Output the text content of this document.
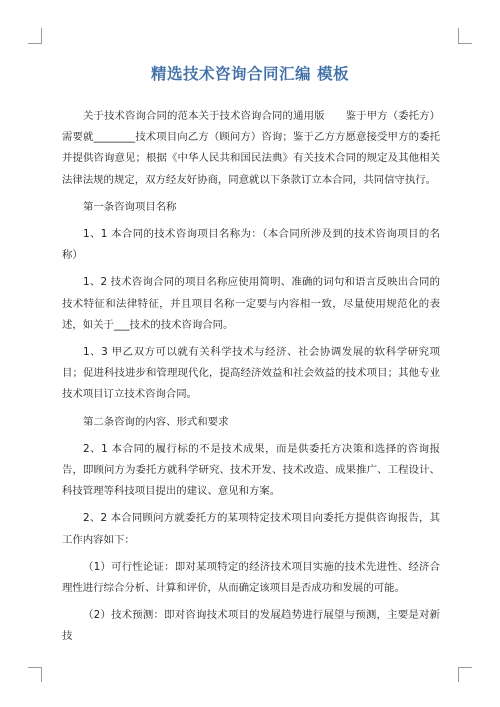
精选技术咨询合同汇编 模板

关于技术咨询合同的范本关于技术咨询合同的通用版　　鉴于甲方（委托方）需要就________技术项目向乙方（顾问方）咨询；鉴于乙方方愿意接受甲方的委托并提供咨询意见；根据《中华人民共和国民法典》有关技术合同的规定及其他相关法律法规的规定，双方经友好协商，同意就以下条款订立本合同，共同信守执行。

第一条咨询项目名称

1、1 本合同的技术咨询项目名称为：（本合同所涉及到的技术咨询项目的名称）

1、2 技术咨询合同的项目名称应使用简明、准确的词句和语言反映出合同的技术特征和法律特征，并且项目名称一定要与内容相一致，尽量使用规范化的表述，如关于___技术的技术咨询合同。

1、3 甲乙双方可以就有关科学技术与经济、社会协调发展的软科学研究项目；促进科技进步和管理现代化，提高经济效益和社会效益的技术项目；其他专业技术项目订立技术咨询合同。

第二条咨询的内容、形式和要求

2、1 本合同的履行标的不是技术成果，而是供委托方决策和选择的咨询报告，即顾问方为委托方就科学研究、技术开发、技术改造、成果推广、工程设计、科技管理等科技项目提出的建议、意见和方案。

2、2 本合同顾问方就委托方的某项特定技术项目向委托方提供咨询报告，其工作内容如下：

（1）可行性论证：即对某项特定的经济技术项目实施的技术先进性、经济合理性进行综合分析、计算和评价，从而确定该项目是否成功和发展的可能。

（2）技术预测：即对咨询技术项目的发展趋势进行展望与预测，主要是对新技
